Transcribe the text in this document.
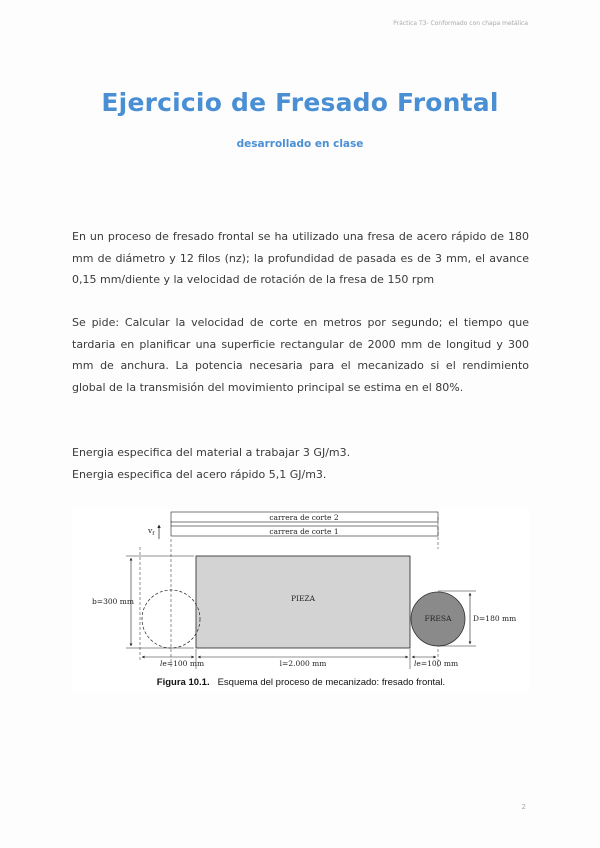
Práctica T3- Conformado con chapa metálica
Ejercicio de Fresado Frontal
desarrollado en clase
En un proceso de fresado frontal se ha utilizado una fresa de acero rápido de 180 mm de diámetro y 12 filos (nz); la profundidad de pasada es de 3 mm, el avance 0,15 mm/diente y la velocidad de rotación de la fresa de 150 rpm
Se pide: Calcular la velocidad de corte en metros por segundo; el tiempo que tardaria en planificar una superficie rectangular de 2000 mm de longitud y 300 mm de anchura. La potencia necesaria para el mecanizado si el rendimiento global de la transmisión del movimiento principal se estima en el 80%.
Energia especifica del material a trabajar 3 GJ/m3.
Energia especifica del acero rápido 5,1 GJ/m3.
carrera de corte 2
carrera de corte 1
$v_f$
b=300 mm	PIEZA
FRESA	D=180 mm
le=100 mm	l=2.000 mm	le=100 mm
Figura 10.1. Esquema del proceso de mecanizado: fresado frontal.
2
